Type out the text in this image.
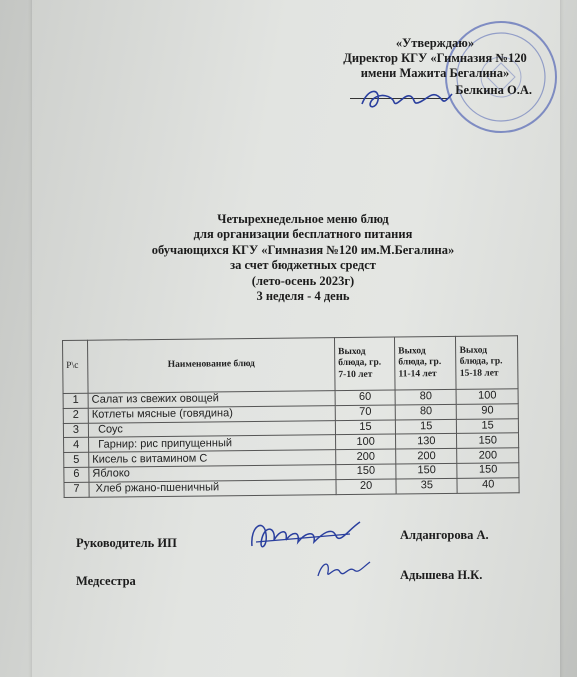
«Утверждаю»
Директор КГУ «Гимназия №120
имени Мажита Бегалина»
Белкина О.А.
Четырехнедельное меню блюд
для организации бесплатного питания
обучающихся КГУ «Гимназия №120 им.М.Бегалина»
за счет бюджетных средст
(лето-осень 2023г)
3 неделя - 4 день
Р\с	Наименование блюд	Выход блюда, гр. 7-10 лет	Выход блюда, гр. 11-14 лет	Выход блюда, гр. 15-18 лет
1	Салат из свежих овощей	60	80	100
2	Котлеты мясные (говядина)	70	80	90
3	Соус	15	15	15
4	Гарнир: рис припущенный	100	130	150
5	Кисель с витамином С	200	200	200
6	Яблоко	150	150	150
7	Хлеб ржано-пшеничный	20	35	40
Руководитель ИП
Алдангорова А.
Медсестра	Адышева Н.К.
